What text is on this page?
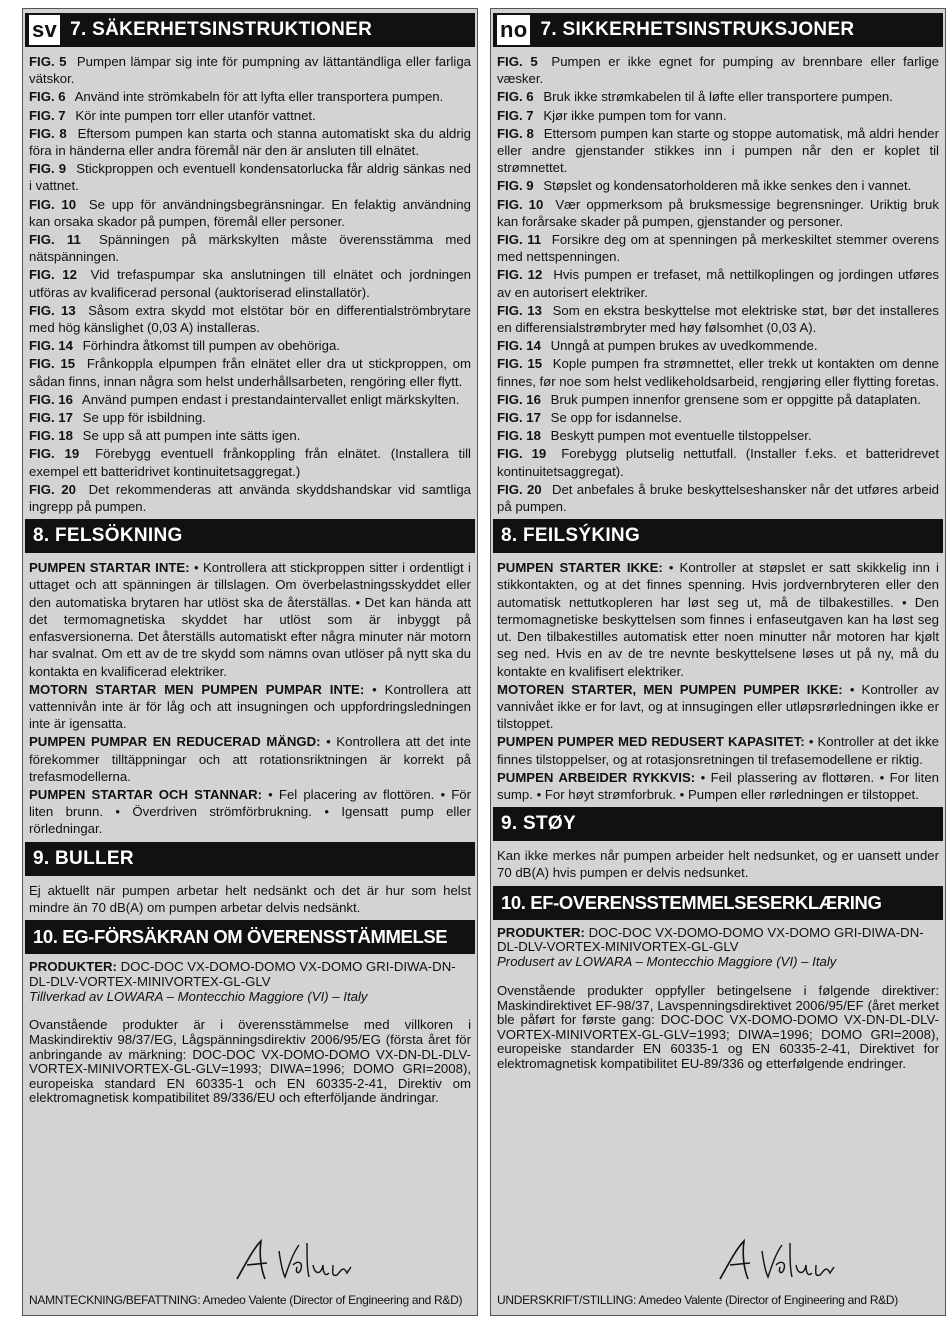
sv 7. SÄKERHETSINSTRUKTIONER

FIG. 5 Pumpen lämpar sig inte för pumpning av lättantändliga eller farliga vätskor.

FIG. 6 Använd inte strömkabeln för att lyfta eller transportera pumpen.

FIG. 7 Kör inte pumpen torr eller utanför vattnet.

FIG. 8 Eftersom pumpen kan starta och stanna automatiskt ska du aldrig föra in händerna eller andra föremål när den är ansluten till elnätet.

FIG. 9 Stickproppen och eventuell kondensatorlucka får aldrig sänkas ned i vattnet.

FIG. 10 Se upp för användningsbegränsningar. En felaktig användning kan orsaka skador på pumpen, föremål eller personer.

FIG. 11 Spänningen på märkskylten måste överensstämma med nätspänningen.

FIG. 12 Vid trefaspumpar ska anslutningen till elnätet och jordningen utföras av kvalificerad personal (auktoriserad elinstallatör).

FIG. 13 Såsom extra skydd mot elstötar bör en differentialströmbrytare med hög känslighet (0,03 A) installeras.

FIG. 14 Förhindra åtkomst till pumpen av obehöriga.

FIG. 15 Frånkoppla elpumpen från elnätet eller dra ut stickproppen, om sådan finns, innan några som helst underhållsarbeten, rengöring eller flytt.

FIG. 16 Använd pumpen endast i prestandaintervallet enligt märkskylten.

FIG. 17 Se upp för isbildning.

FIG. 18 Se upp så att pumpen inte sätts igen.

FIG. 19 Förebygg eventuell frånkoppling från elnätet. (Installera till exempel ett batteridrivet kontinuitetsaggregat.)

FIG. 20 Det rekommenderas att använda skyddshandskar vid samtliga ingrepp på pumpen.

8. FELSÖKNING

PUMPEN STARTAR INTE: • Kontrollera att stickproppen sitter i ordentligt i uttaget och att spänningen är tillslagen. Om överbelastningsskyddet eller den automatiska brytaren har utlöst ska de återställas. • Det kan hända att det termomagnetiska skyddet har utlöst som är inbyggt på enfasversionerna. Det återställs automatiskt efter några minuter när motorn har svalnat. Om ett av de tre skydd som nämns ovan utlöser på nytt ska du kontakta en kvalificerad elektriker.

MOTORN STARTAR MEN PUMPEN PUMPAR INTE: • Kontrollera att vattennivån inte är för låg och att insugningen och uppfordringsledningen inte är igensatta.

PUMPEN PUMPAR EN REDUCERAD MÄNGD: • Kontrollera att det inte förekommer tilltäppningar och att rotationsriktningen är korrekt på trefasmodellerna.

PUMPEN STARTAR OCH STANNAR: • Fel placering av flottören. • För liten brunn. • Överdriven strömförbrukning. • Igensatt pump eller rörledningar.

9. BULLER

Ej aktuellt när pumpen arbetar helt nedsänkt och det är hur som helst mindre än 70 dB(A) om pumpen arbetar delvis nedsänkt.

10. EG-FÖRSÄKRAN OM ÖVERENSSTÄMMELSE
PRODUKTER: DOC-DOC VX-DOMO-DOMO VX-DOMO GRI-DIWA-DN-DL-DLV-VORTEX-MINIVORTEX-GL-GLV
Tillverkad av LOWARA – Montecchio Maggiore (VI) – Italy
Ovanstående produkter är i överensstämmelse med villkoren i Maskindirektiv 98/37/EG, Lågspänningsdirektiv 2006/95/EG (första året för anbringande av märkning: DOC-DOC VX-DOMO-DOMO VX-DN-DL-DLV-VORTEX-MINIVORTEX-GL-GLV=1993; DIWA=1996; DOMO GRI=2008), europeiska standard EN 60335-1 och EN 60335-2-41, Direktiv om elektromagnetisk kompatibilitet 89/336/EU och efterföljande ändringar.
NAMNTECKNING/BEFATTNING: Amedeo Valente (Director of Engineering and R&D)
no 7. SIKKERHETSINSTRUKSJONER

FIG. 5 Pumpen er ikke egnet for pumping av brennbare eller farlige væsker.

FIG. 6 Bruk ikke strømkabelen til å løfte eller transportere pumpen.

FIG. 7 Kjør ikke pumpen tom for vann.

FIG. 8 Ettersom pumpen kan starte og stoppe automatisk, må aldri hender eller andre gjenstander stikkes inn i pumpen når den er koplet til strømnettet.

FIG. 9 Støpslet og kondensatorholderen må ikke senkes den i vannet.

FIG. 10 Vær oppmerksom på bruksmessige begrensninger. Uriktig bruk kan forårsake skader på pumpen, gjenstander og personer.

FIG. 11 Forsikre deg om at spenningen på merkeskiltet stemmer overens med nettspenningen.

FIG. 12 Hvis pumpen er trefaset, må nettilkoplingen og jordingen utføres av en autorisert elektriker.

FIG. 13 Som en ekstra beskyttelse mot elektriske støt, bør det installeres en differensialstrømbryter med høy følsomhet (0,03 A).

FIG. 14 Unngå at pumpen brukes av uvedkommende.

FIG. 15 Kople pumpen fra strømnettet, eller trekk ut kontakten om denne finnes, før noe som helst vedlikeholdsarbeid, rengjøring eller flytting foretas.

FIG. 16 Bruk pumpen innenfor grensene som er oppgitte på dataplaten.

FIG. 17 Se opp for isdannelse.

FIG. 18 Beskytt pumpen mot eventuelle tilstoppelser.

FIG. 19 Forebygg plutselig nettutfall. (Installer f.eks. et batteridrevet kontinuitetsaggregat).

FIG. 20 Det anbefales å bruke beskyttelseshansker når det utføres arbeid på pumpen.

8. FEILSÝKING

PUMPEN STARTER IKKE: • Kontroller at støpslet er satt skikkelig inn i stikkontakten, og at det finnes spenning. Hvis jordvernbryteren eller den automatisk nettutkopleren har løst seg ut, må de tilbakestilles. • Den termomagnetiske beskyttelsen som finnes i enfaseutgaven kan ha løst seg ut. Den tilbakestilles automatisk etter noen minutter når motoren har kjølt seg ned. Hvis en av de tre nevnte beskyttelsene løses ut på ny, må du kontakte en kvalifisert elektriker.

MOTOREN STARTER, MEN PUMPEN PUMPER IKKE: • Kontroller av vannivået ikke er for lavt, og at innsugingen eller utløpsrørledningen ikke er tilstoppet.

PUMPEN PUMPER MED REDUSERT KAPASITET: • Kontroller at det ikke finnes tilstoppelser, og at rotasjonsretningen til trefasemodellene er riktig.

PUMPEN ARBEIDER RYKKVIS: • Feil plassering av flottøren. • For liten sump. • For høyt strømforbruk. • Pumpen eller rørledningen er tilstoppet.

9. STØY

Kan ikke merkes når pumpen arbeider helt nedsunket, og er uansett under 70 dB(A) hvis pumpen er delvis nedsunket.

10. EF-OVERENSSTEMMELSESERKLÆRING
PRODUKTER: DOC-DOC VX-DOMO-DOMO VX-DOMO GRI-DIWA-DN-DL-DLV-VORTEX-MINIVORTEX-GL-GLV
Produsert av LOWARA – Montecchio Maggiore (VI) – Italy
Ovenstående produkter oppfyller betingelsene i følgende direktiver: Maskindirektivet EF-98/37, Lavspenningsdirektivet 2006/95/EF (året merket ble påført for første gang: DOC-DOC VX-DOMO-DOMO VX-DN-DL-DLV-VORTEX-MINIVORTEX-GL-GLV=1993; DIWA=1996; DOMO GRI=2008), europeiske standarder EN 60335-1 og EN 60335-2-41, Direktivet for elektromagnetisk kompatibilitet EU-89/336 og etterfølgende endringer.
UNDERSKRIFT/STILLING: Amedeo Valente (Director of Engineering and R&D)
